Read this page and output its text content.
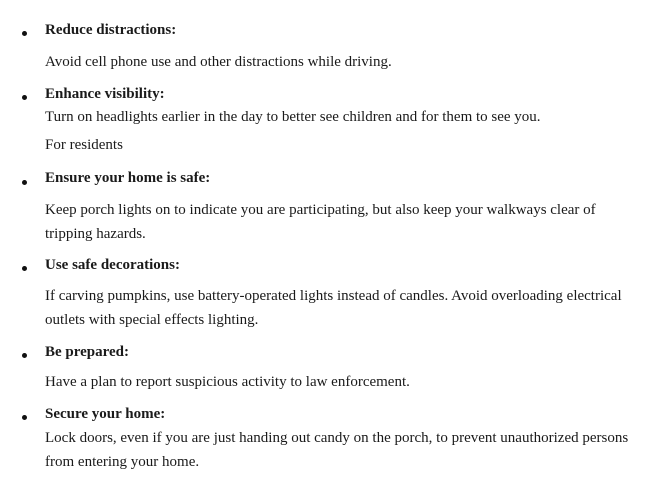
Reduce distractions:
Avoid cell phone use and other distractions while driving.
Enhance visibility:
Turn on headlights earlier in the day to better see children and for them to see you.
For residents
Ensure your home is safe:
Keep porch lights on to indicate you are participating, but also keep your walkways clear of
tripping hazards.
Use safe decorations:
If carving pumpkins, use battery-operated lights instead of candles. Avoid overloading electrical
outlets with special effects lighting.
Be prepared:
Have a plan to report suspicious activity to law enforcement.
Secure your home:
Lock doors, even if you are just handing out candy on the porch, to prevent unauthorized persons
from entering your home.
